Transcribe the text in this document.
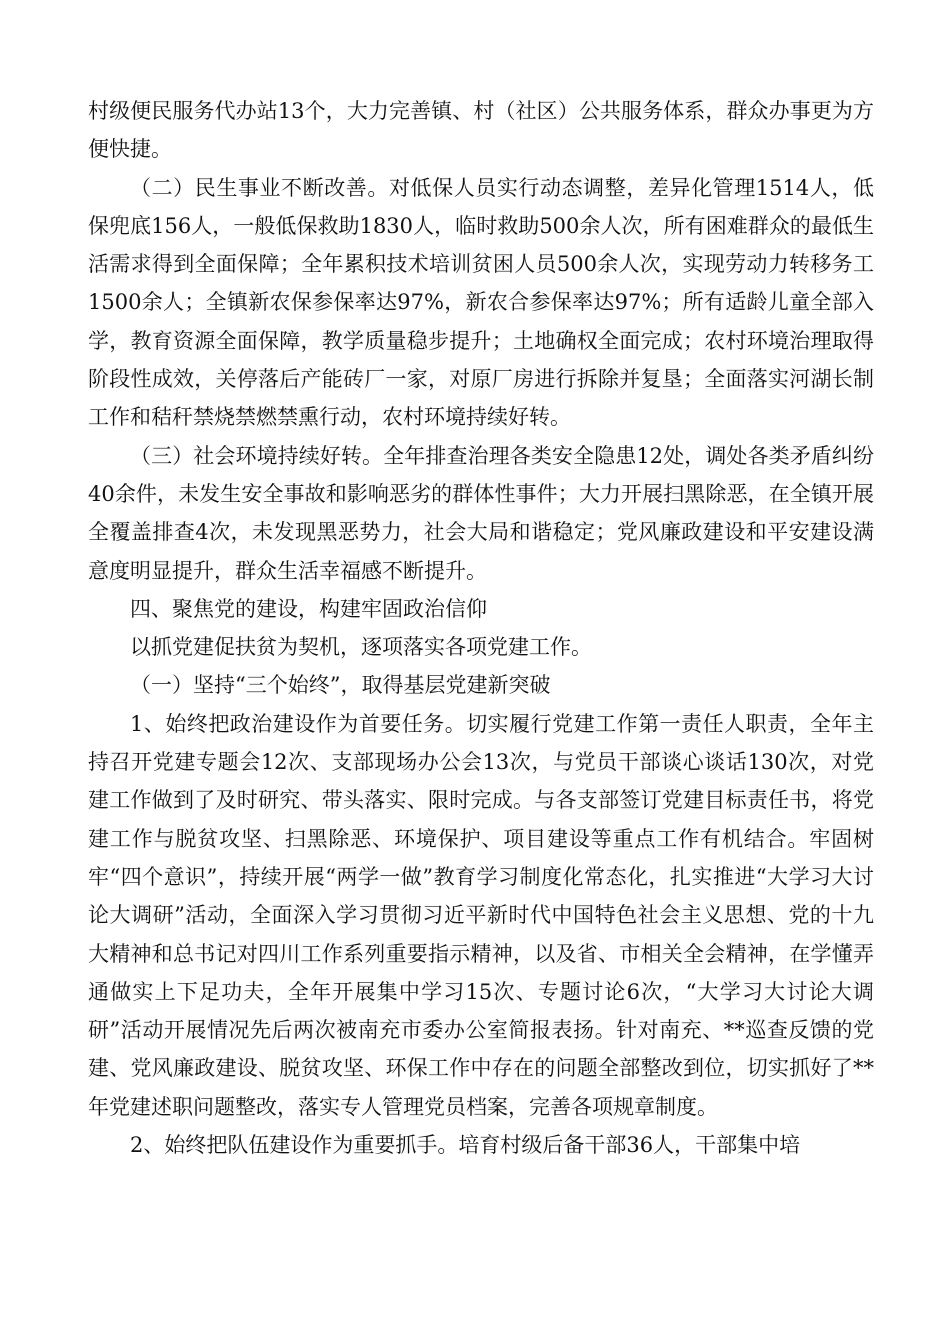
村级便民服务代办站13个，大力完善镇、村（社区）公共服务体系，群众办事更为方便快捷。

（二）民生事业不断改善。对低保人员实行动态调整，差异化管理1514人，低保兜底156人，一般低保救助1830人，临时救助500余人次，所有困难群众的最低生活需求得到全面保障；全年累积技术培训贫困人员500余人次，实现劳动力转移务工1500余人；全镇新农保参保率达97%，新农合参保率达97%；所有适龄儿童全部入学，教育资源全面保障，教学质量稳步提升；土地确权全面完成；农村环境治理取得阶段性成效，关停落后产能砖厂一家，对原厂房进行拆除并复垦；全面落实河湖长制工作和秸秆禁烧禁燃禁熏行动，农村环境持续好转。

（三）社会环境持续好转。全年排查治理各类安全隐患12处，调处各类矛盾纠纷40余件，未发生安全事故和影响恶劣的群体性事件；大力开展扫黑除恶，在全镇开展全覆盖排查4次，未发现黑恶势力，社会大局和谐稳定；党风廉政建设和平安建设满意度明显提升，群众生活幸福感不断提升。

四、聚焦党的建设，构建牢固政治信仰

以抓党建促扶贫为契机，逐项落实各项党建工作。

（一）坚持“三个始终”，取得基层党建新突破

1、始终把政治建设作为首要任务。切实履行党建工作第一责任人职责，全年主持召开党建专题会12次、支部现场办公会13次，与党员干部谈心谈话130次，对党建工作做到了及时研究、带头落实、限时完成。与各支部签订党建目标责任书，将党建工作与脱贫攻坚、扫黑除恶、环境保护、项目建设等重点工作有机结合。牢固树牢“四个意识”，持续开展“两学一做”教育学习制度化常态化，扎实推进“大学习大讨论大调研”活动，全面深入学习贯彻习近平新时代中国特色社会主义思想、党的十九大精神和总书记对四川工作系列重要指示精神，以及省、市相关全会精神，在学懂弄通做实上下足功夫，全年开展集中学习15次、专题讨论6次，“大学习大讨论大调研”活动开展情况先后两次被南充市委办公室简报表扬。针对南充、**巡查反馈的党建、党风廉政建设、脱贫攻坚、环保工作中存在的问题全部整改到位，切实抓好了**年党建述职问题整改，落实专人管理党员档案，完善各项规章制度。

2、始终把队伍建设作为重要抓手。培育村级后备干部36人，干部集中培
